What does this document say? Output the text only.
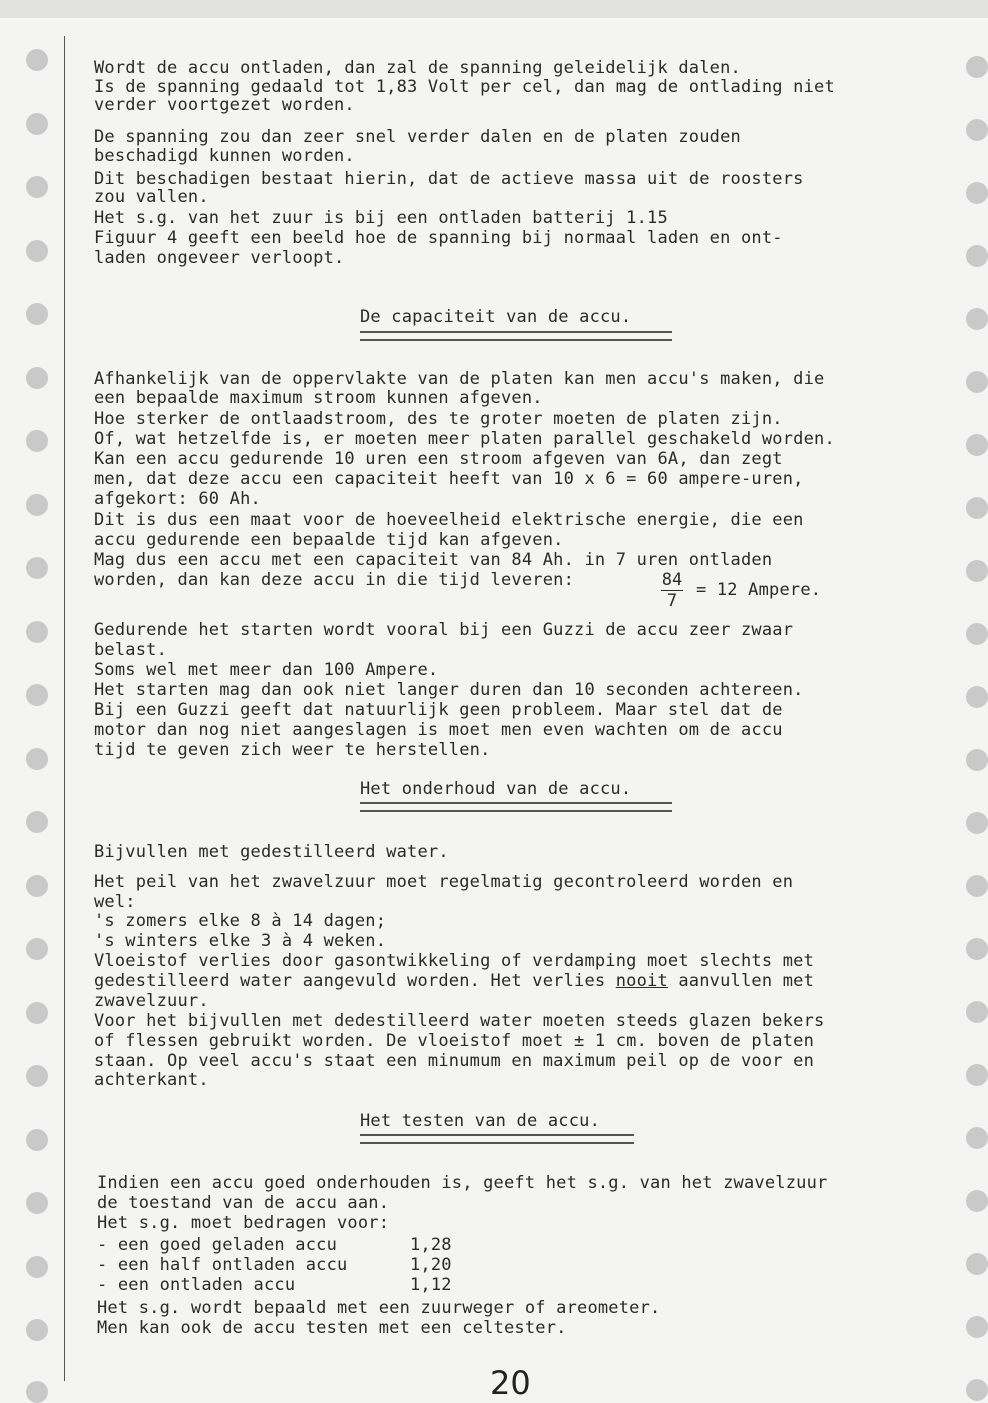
Wordt de accu ontladen, dan zal de spanning geleidelijk dalen.
Is de spanning gedaald tot 1,83 Volt per cel, dan mag de ontlading niet
verder voortgezet worden.
De spanning zou dan zeer snel verder dalen en de platen zouden
beschadigd kunnen worden.
Dit beschadigen bestaat hierin, dat de actieve massa uit de roosters
zou vallen.
Het s.g. van het zuur is bij een ontladen batterij 1.15
Figuur 4 geeft een beeld hoe de spanning bij normaal laden en ont-
laden ongeveer verloopt.
De capaciteit van de accu.
Afhankelijk van de oppervlakte van de platen kan men accu's maken, die
een bepaalde maximum stroom kunnen afgeven.
Hoe sterker de ontlaadstroom, des te groter moeten de platen zijn.
Of, wat hetzelfde is, er moeten meer platen parallel geschakeld worden.
Kan een accu gedurende 10 uren een stroom afgeven van 6A, dan zegt
men, dat deze accu een capaciteit heeft van 10 x 6 = 60 ampere-uren,
afgekort: 60 Ah.
Dit is dus een maat voor de hoeveelheid elektrische energie, die een
accu gedurende een bepaalde tijd kan afgeven.
Mag dus een accu met een capaciteit van 84 Ah. in 7 uren ontladen
worden, dan kan deze accu in die tijd leveren:	84
7
= 12 Ampere.
Gedurende het starten wordt vooral bij een Guzzi de accu zeer zwaar
belast.
Soms wel met meer dan 100 Ampere.
Het starten mag dan ook niet langer duren dan 10 seconden achtereen.
Bij een Guzzi geeft dat natuurlijk geen probleem. Maar stel dat de
motor dan nog niet aangeslagen is moet men even wachten om de accu
tijd te geven zich weer te herstellen.
Het onderhoud van de accu.
Bijvullen met gedestilleerd water.
Het peil van het zwavelzuur moet regelmatig gecontroleerd worden en
wel:
's zomers elke 8 à 14 dagen;
's winters elke 3 à 4 weken.
Vloeistof verlies door gasontwikkeling of verdamping moet slechts met
gedestilleerd water aangevuld worden. Het verlies nooit aanvullen met
zwavelzuur.
Voor het bijvullen met dedestilleerd water moeten steeds glazen bekers
of flessen gebruikt worden. De vloeistof moet ± 1 cm. boven de platen
staan. Op veel accu's staat een minumum en maximum peil op de voor en
achterkant.
Het testen van de accu.
Indien een accu goed onderhouden is, geeft het s.g. van het zwavelzuur
de toestand van de accu aan.
Het s.g. moet bedragen voor:
- een goed geladen accu	1,28
- een half ontladen accu	1,20
- een ontladen accu	1,12
Het s.g. wordt bepaald met een zuurweger of areometer.
Men kan ook de accu testen met een celtester.
20
